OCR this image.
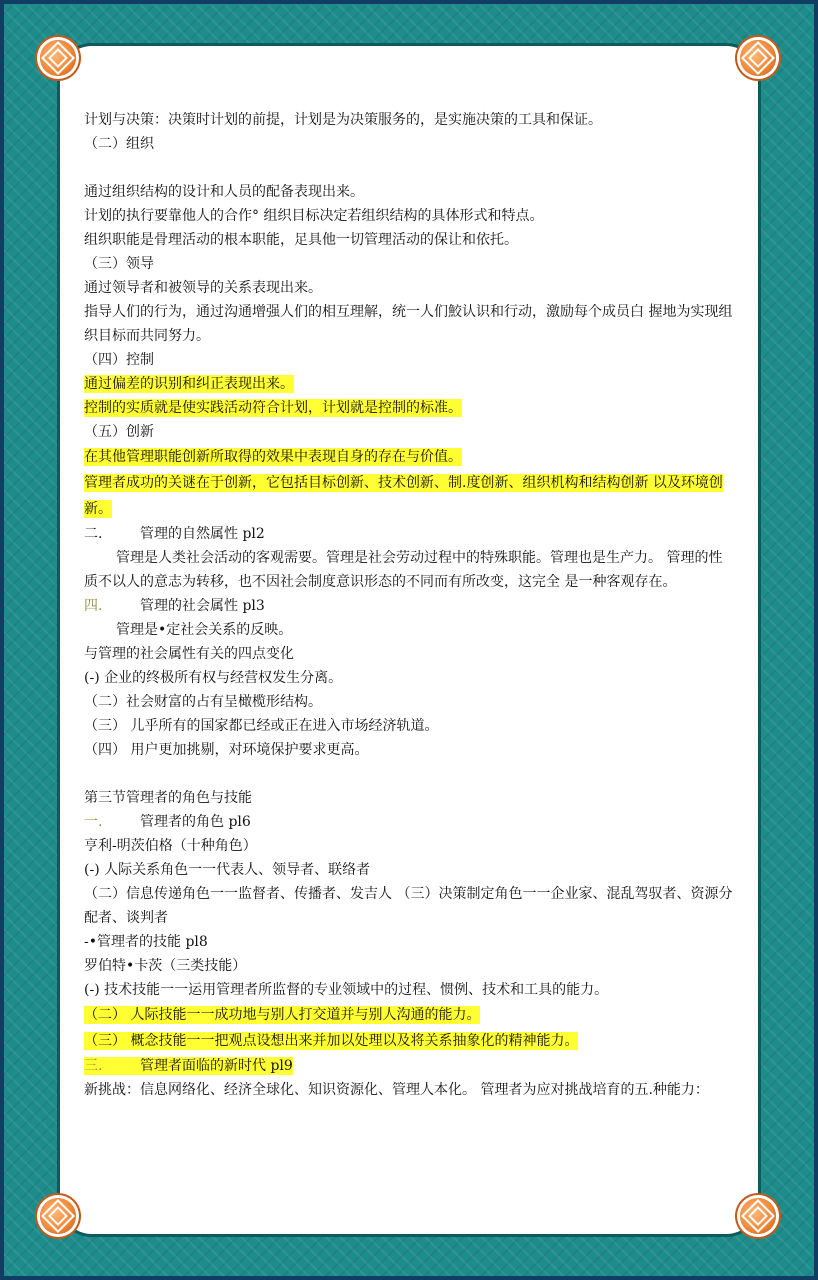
计划与决策：决策时计划的前提，计划是为决策服务的，是实施决策的工具和保证。

（二）组织

通过组织结构的设计和人员的配备表现出来。

计划的执行要靠他人的合作° 组织目标决定若组织结构的具体形式和特点。

组织职能是骨理活动的根本职能，足具他一切管理活动的保让和依托。

（三）领导

通过领导者和被领导的关系表现出来。

指导人们的行为，通过沟通增强人们的相互理解，统一人们鮫认识和行动，激励每个成员白 握地为实现组织目标而共同努力。

（四）控制

通过偏差的识别和纠正表现出来。

控制的实质就是使实践活动符合计划，计划就是控制的标准。

（五）创新

在其他管理职能创新所取得的效果中表现自身的存在与价值。

管理者成功的关谜在于创新，它包括目标创新、技术创新、制.度创新、组织机构和结构创新 以及环境创新。

二.	管理的自然属性 pl2

管理是人类社会活动的客观需要。管理是社会劳动过程中的特殊职能。管理也是生产力。 管理的性质不以人的意志为转移，也不因社会制度意识形态的不同而有所改变，这完全 是一种客观存在。

四.	管理的社会属性 pl3

管理是•定社会关系的反映。

与管理的社会属性有关的四点变化

(-) 企业的终极所有权与经营权发生分离。

（二）社会财富的占有呈橄榄形结构。

（三） 儿乎所有的国家都已经或正在进入市场经济轨道。

（四） 用户更加挑剔，对环境保护要求更高。

第三节管理者的角色与技能

一.	管理者的角色 pl6

亨利-明茨伯格（十种角色）

(-) 人际关系角色一一代表人、领导者、联络者

（二）信息传递角色一一监督者、传播者、发吉人 （三）决策制定角色一一企业家、混乱驾驭者、资源分配者、谈判者

-•管理者的技能 pl8

罗伯特•卡茨（三类技能）

(-) 技术技能一一运用管理者所监督的专业领域中的过程、惯例、技术和工具的能力。

（二） 人际技能一一成功地与别人打交道并与别人沟通的能力。

（三） 概念技能一一把观点设想出来并加以处理以及将关系抽象化的精神能力。

三.	管理者面临的新时代 pl9

新挑战：信息网络化、经济全球化、知识资源化、管理人本化。 管理者为应对挑战培育的五.种能力：
